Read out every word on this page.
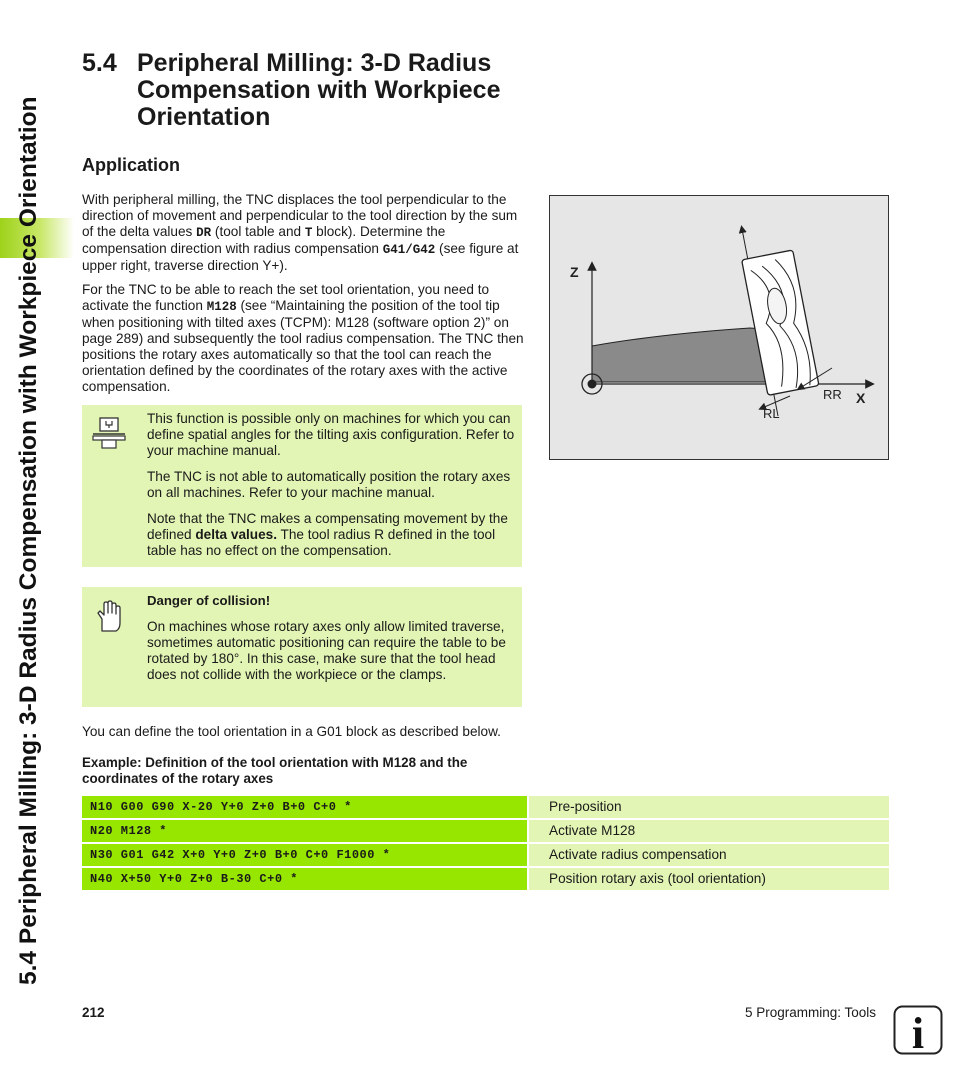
5.4 Peripheral Milling: 3-D Radius Compensation with Workpiece Orientation
5.4 Peripheral Milling: 3-D Radius Compensation with Workpiece Orientation
Application

With peripheral milling, the TNC displaces the tool perpendicular to the direction of movement and perpendicular to the tool direction by the sum of the delta values DR (tool table and T block). Determine the compensation direction with radius compensation G41/G42 (see figure at upper right, traverse direction Y+).

For the TNC to be able to reach the set tool orientation, you need to activate the function M128 (see “Maintaining the position of the tool tip when positioning with tilted axes (TCPM): M128 (software option 2)” on page 289) and subsequently the tool radius compensation. The TNC then positions the rotary axes automatically so that the tool can reach the orientation defined by the coordinates of the rotary axes with the active compensation.

This function is possible only on machines for which you can define spatial angles for the tilting axis configuration. Refer to your machine manual.

The TNC is not able to automatically position the rotary axes on all machines. Refer to your machine manual.

Note that the TNC makes a compensating movement by the defined delta values. The tool radius R defined in the tool table has no effect on the compensation.

Danger of collision!

On machines whose rotary axes only allow limited traverse, sometimes automatic positioning can require the table to be rotated by 180°. In this case, make sure that the tool head does not collide with the workpiece or the clamps.

You can define the tool orientation in a G01 block as described below.

Example: Definition of the tool orientation with M128 and the coordinates of the rotary axes
N10 G00 G90 X-20 Y+0 Z+0 B+0 C+0 *	Pre-position
N20 M128 *	Activate M128
N30 G01 G42 X+0 Y+0 Z+0 B+0 C+0 F1000 *	Activate radius compensation
N40 X+50 Y+0 Z+0 B-30 C+0 *	Position rotary axis (tool orientation)
Z
X
RR
RL
212	5 Programming: Tools i
